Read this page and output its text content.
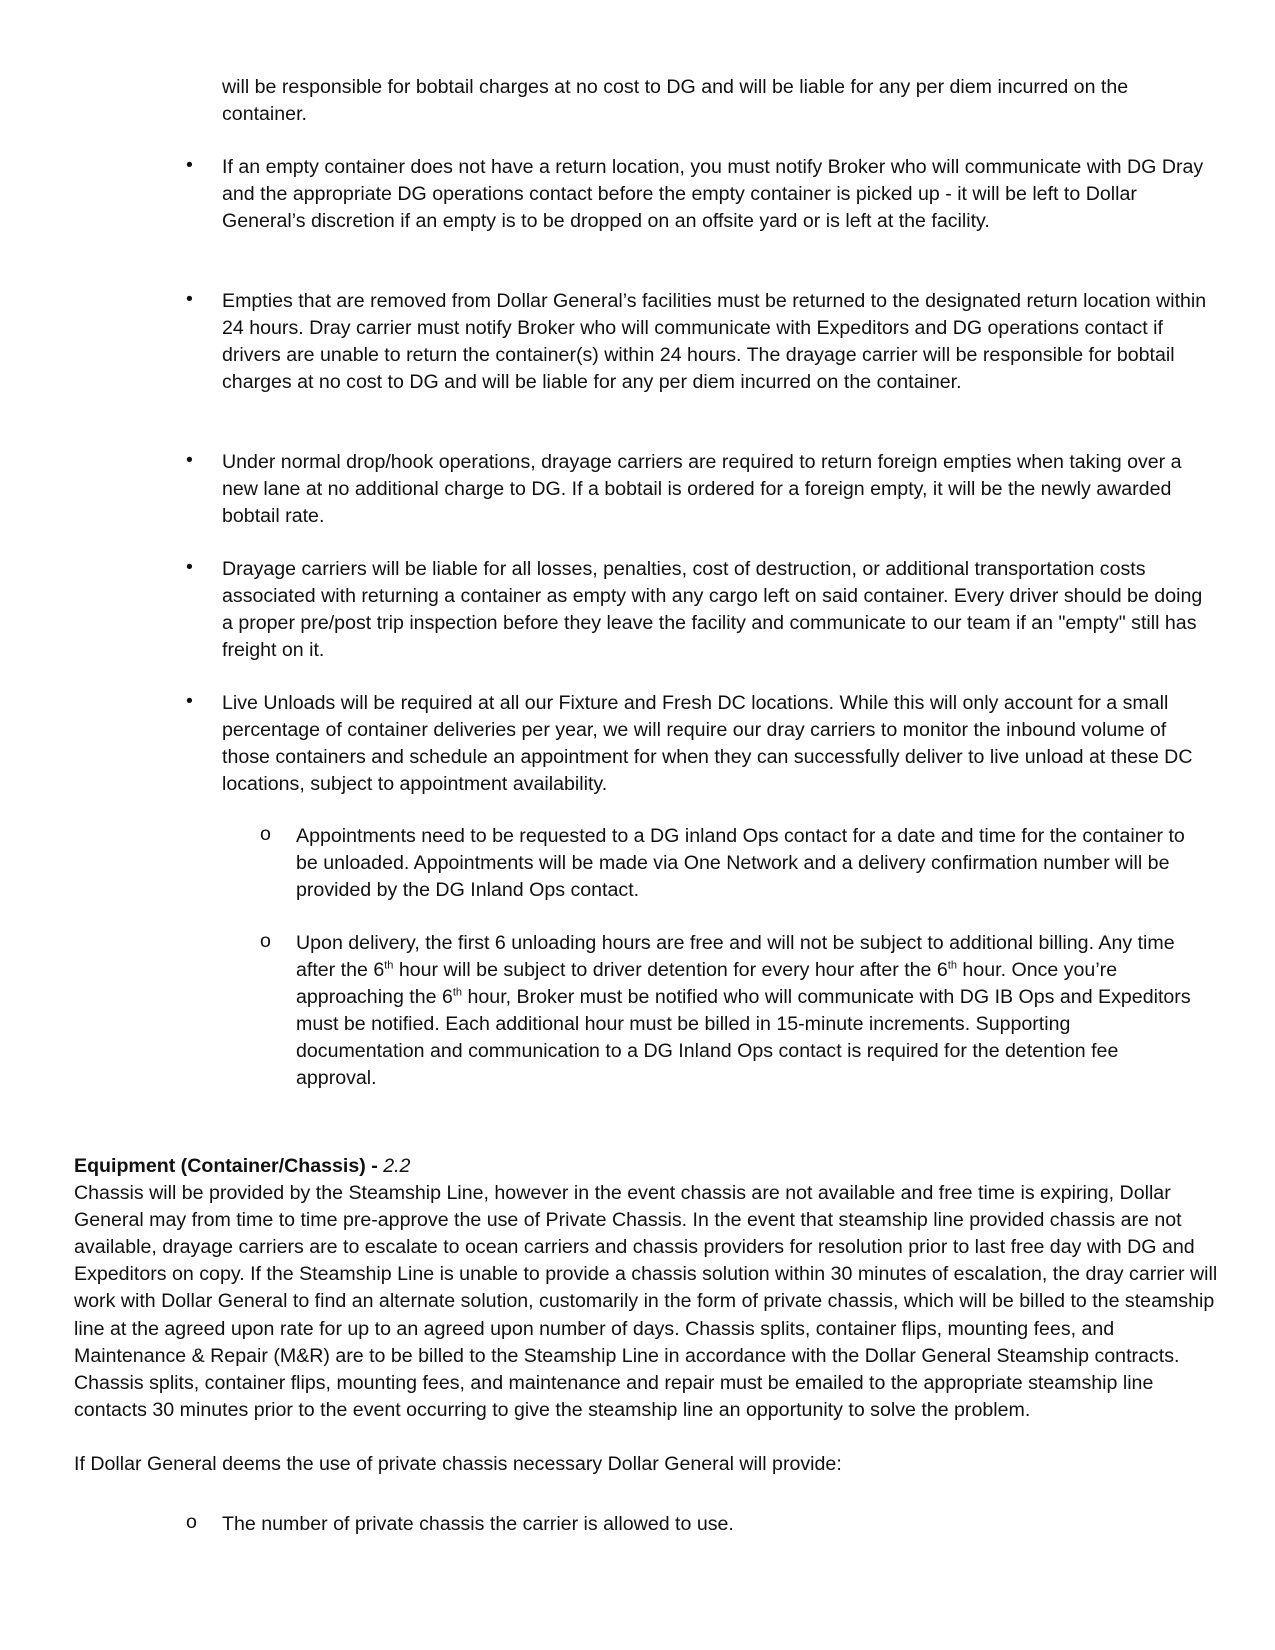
will be responsible for bobtail charges at no cost to DG and will be liable for any per diem incurred on the container.

• If an empty container does not have a return location, you must notify Broker who will communicate with DG Dray and the appropriate DG operations contact before the empty container is picked up - it will be left to Dollar General’s discretion if an empty is to be dropped on an offsite yard or is left at the facility.

• Empties that are removed from Dollar General’s facilities must be returned to the designated return location within 24 hours. Dray carrier must notify Broker who will communicate with Expeditors and DG operations contact if drivers are unable to return the container(s) within 24 hours. The drayage carrier will be responsible for bobtail charges at no cost to DG and will be liable for any per diem incurred on the container.

• Under normal drop/hook operations, drayage carriers are required to return foreign empties when taking over a new lane at no additional charge to DG. If a bobtail is ordered for a foreign empty, it will be the newly awarded bobtail rate.

• Drayage carriers will be liable for all losses, penalties, cost of destruction, or additional transportation costs associated with returning a container as empty with any cargo left on said container. Every driver should be doing a proper pre/post trip inspection before they leave the facility and communicate to our team if an "empty" still has freight on it.

• Live Unloads will be required at all our Fixture and Fresh DC locations. While this will only account for a small percentage of container deliveries per year, we will require our dray carriers to monitor the inbound volume of those containers and schedule an appointment for when they can successfully deliver to live unload at these DC locations, subject to appointment availability.

o Appointments need to be requested to a DG inland Ops contact for a date and time for the container to be unloaded. Appointments will be made via One Network and a delivery confirmation number will be provided by the DG Inland Ops contact.

o Upon delivery, the first 6 unloading hours are free and will not be subject to additional billing. Any time after the 6th hour will be subject to driver detention for every hour after the 6th hour. Once you’re approaching the 6th hour, Broker must be notified who will communicate with DG IB Ops and Expeditors must be notified. Each additional hour must be billed in 15-minute increments. Supporting documentation and communication to a DG Inland Ops contact is required for the detention fee approval.

Equipment (Container/Chassis) - 2.2

Chassis will be provided by the Steamship Line, however in the event chassis are not available and free time is expiring, Dollar General may from time to time pre-approve the use of Private Chassis. In the event that steamship line provided chassis are not available, drayage carriers are to escalate to ocean carriers and chassis providers for resolution prior to last free day with DG and Expeditors on copy. If the Steamship Line is unable to provide a chassis solution within 30 minutes of escalation, the dray carrier will work with Dollar General to find an alternate solution, customarily in the form of private chassis, which will be billed to the steamship line at the agreed upon rate for up to an agreed upon number of days. Chassis splits, container flips, mounting fees, and Maintenance & Repair (M&R) are to be billed to the Steamship Line in accordance with the Dollar General Steamship contracts. Chassis splits, container flips, mounting fees, and maintenance and repair must be emailed to the appropriate steamship line contacts 30 minutes prior to the event occurring to give the steamship line an opportunity to solve the problem.

If Dollar General deems the use of private chassis necessary Dollar General will provide:

o The number of private chassis the carrier is allowed to use.
